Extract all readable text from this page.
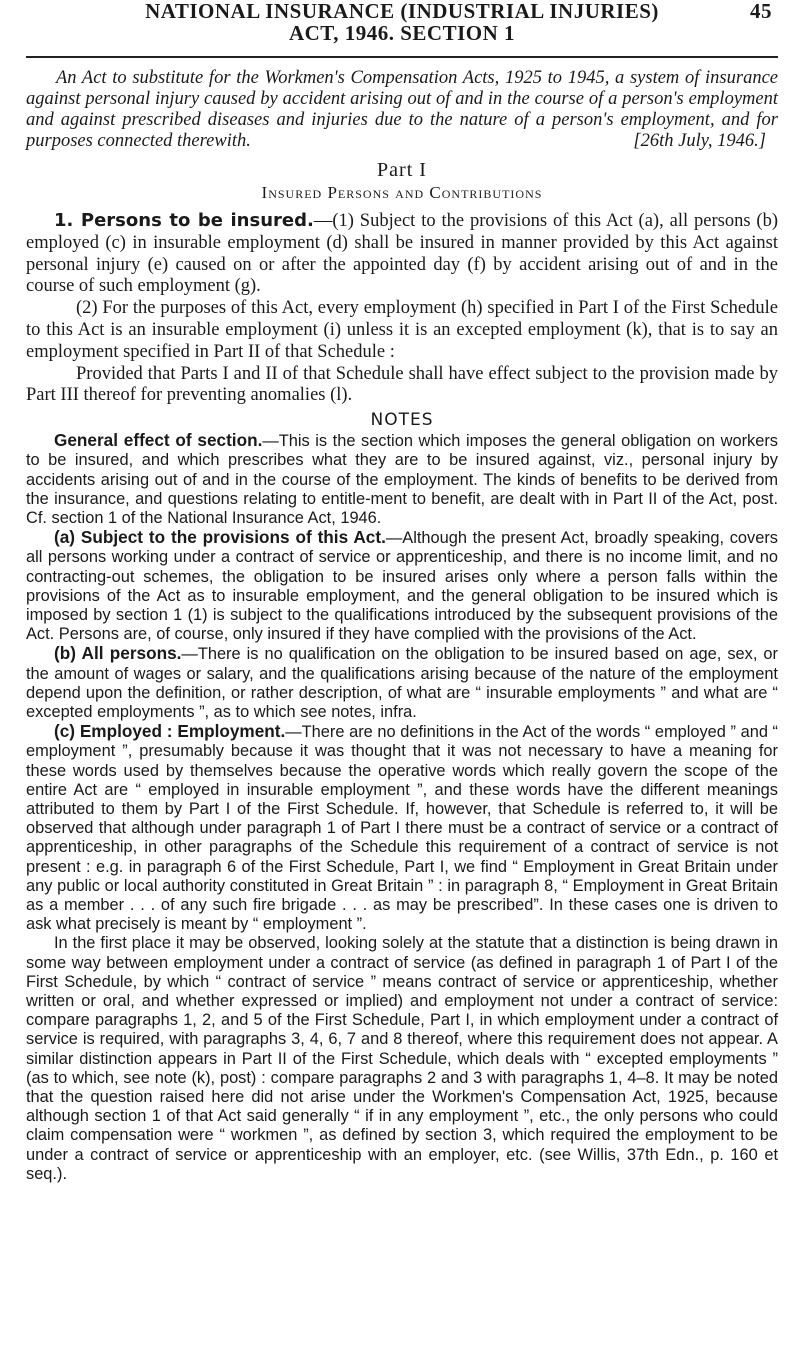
NATIONAL INSURANCE (INDUSTRIAL INJURIES)
ACT, 1946. SECTION 1
45

An Act to substitute for the Workmen's Compensation Acts, 1925 to 1945, a system of insurance against personal injury caused by accident arising out of and in the course of a person's employment and against prescribed diseases and injuries due to the nature of a person's employment, and for purposes connected therewith.	[26th July, 1946.]
Part I
Insured Persons and Contributions

1. Persons to be insured.—(1) Subject to the provisions of this Act (a), all persons (b) employed (c) in insurable employment (d) shall be insured in manner provided by this Act against personal injury (e) caused on or after the appointed day (f) by accident arising out of and in the course of such employment (g).

(2) For the purposes of this Act, every employment (h) specified in Part I of the First Schedule to this Act is an insurable employment (i) unless it is an excepted employment (k), that is to say an employment specified in Part II of that Schedule :

Provided that Parts I and II of that Schedule shall have effect subject to the provision made by Part III thereof for preventing anomalies (l).

NOTES

General effect of section.—This is the section which imposes the general obligation on workers to be insured, and which prescribes what they are to be insured against, viz., personal injury by accidents arising out of and in the course of the employment. The kinds of benefits to be derived from the insurance, and questions relating to entitle-ment to benefit, are dealt with in Part II of the Act, post. Cf. section 1 of the National Insurance Act, 1946.

(a) Subject to the provisions of this Act.—Although the present Act, broadly speaking, covers all persons working under a contract of service or apprenticeship, and there is no income limit, and no contracting-out schemes, the obligation to be insured arises only where a person falls within the provisions of the Act as to insurable employment, and the general obligation to be insured which is imposed by section 1 (1) is subject to the qualifications introduced by the subsequent provisions of the Act. Persons are, of course, only insured if they have complied with the provisions of the Act.

(b) All persons.—There is no qualification on the obligation to be insured based on age, sex, or the amount of wages or salary, and the qualifications arising because of the nature of the employment depend upon the definition, or rather description, of what are “ insurable employments ” and what are “ excepted employments ”, as to which see notes, infra.

(c) Employed : Employment.—There are no definitions in the Act of the words “ employed ” and “ employment ”, presumably because it was thought that it was not necessary to have a meaning for these words used by themselves because the operative words which really govern the scope of the entire Act are “ employed in insurable employment ”, and these words have the different meanings attributed to them by Part I of the First Schedule. If, however, that Schedule is referred to, it will be observed that although under paragraph 1 of Part I there must be a contract of service or a contract of apprenticeship, in other paragraphs of the Schedule this requirement of a contract of service is not present : e.g. in paragraph 6 of the First Schedule, Part I, we find “ Employment in Great Britain under any public or local authority constituted in Great Britain ” : in paragraph 8, “ Employment in Great Britain as a member . . . of any such fire brigade . . . as may be prescribed”. In these cases one is driven to ask what precisely is meant by “ employment ”.

In the first place it may be observed, looking solely at the statute that a distinction is being drawn in some way between employment under a contract of service (as defined in paragraph 1 of Part I of the First Schedule, by which “ contract of service ” means contract of service or apprenticeship, whether written or oral, and whether expressed or implied) and employment not under a contract of service: compare paragraphs 1, 2, and 5 of the First Schedule, Part I, in which employment under a contract of service is required, with paragraphs 3, 4, 6, 7 and 8 thereof, where this requirement does not appear. A similar distinction appears in Part II of the First Schedule, which deals with “ excepted employments ” (as to which, see note (k), post) : compare paragraphs 2 and 3 with paragraphs 1, 4–8. It may be noted that the question raised here did not arise under the Workmen's Compensation Act, 1925, because although section 1 of that Act said generally “ if in any employment ”, etc., the only persons who could claim compensation were “ workmen ”, as defined by section 3, which required the employment to be under a contract of service or apprenticeship with an employer, etc. (see Willis, 37th Edn., p. 160 et seq.).
